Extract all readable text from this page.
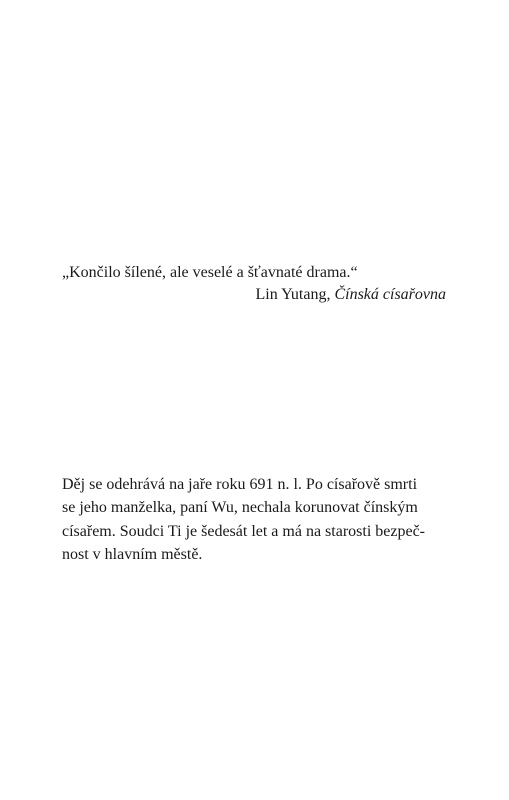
„Končilo šílené, ale veselé a šťavnaté drama.“

Lin Yutang, Čínská císařovna

Děj se odehrává na jaře roku 691 n. l. Po císařově smrti
se jeho manželka, paní Wu, nechala korunovat čínským
císařem. Soudci Ti je šedesát let a má na starosti bezpeč-
nost v hlavním městě.
